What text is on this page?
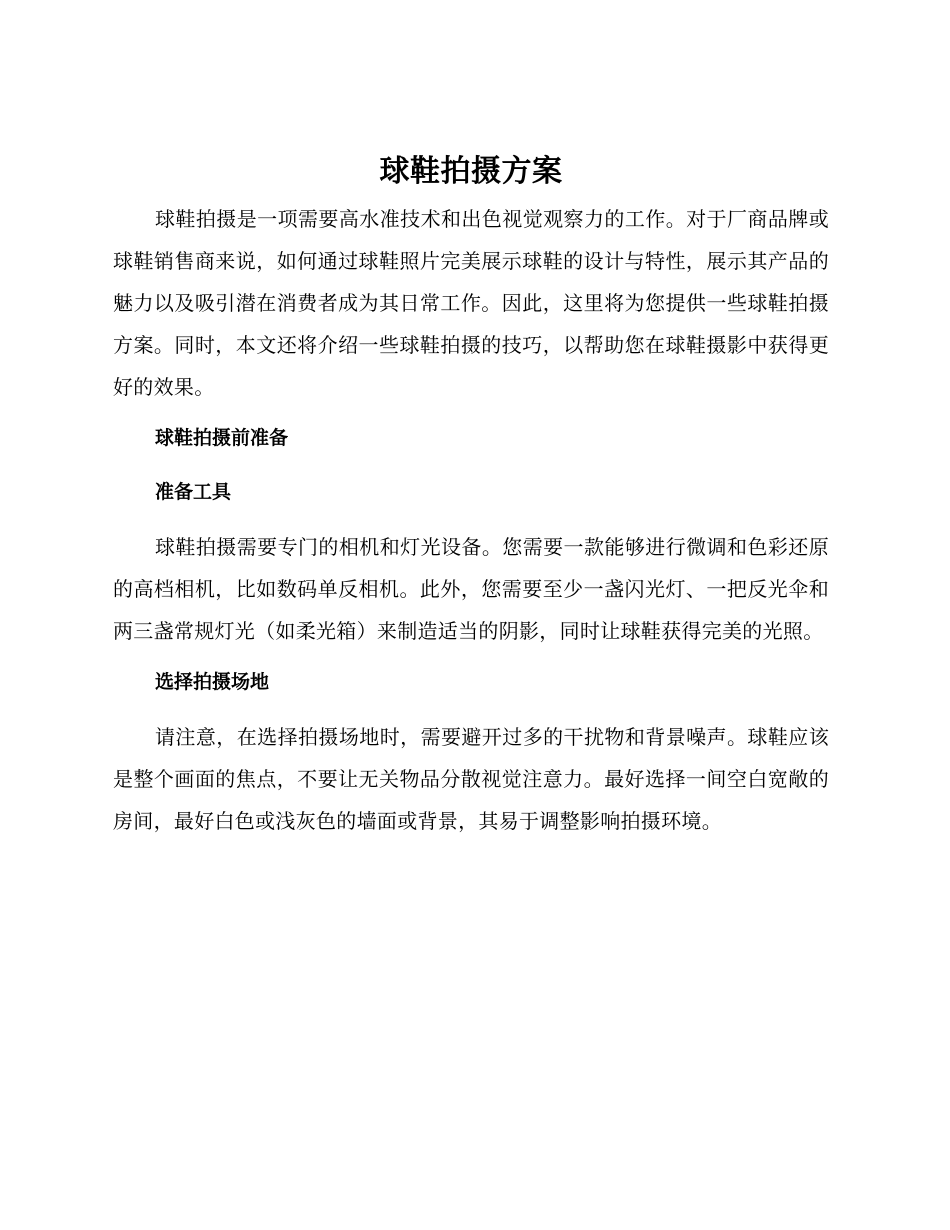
球鞋拍摄方案

球鞋拍摄是一项需要高水准技术和出色视觉观察力的工作。对于厂商品牌或球鞋销售商来说，如何通过球鞋照片完美展示球鞋的设计与特性，展示其产品的魅力以及吸引潜在消费者成为其日常工作。因此，这里将为您提供一些球鞋拍摄方案。同时，本文还将介绍一些球鞋拍摄的技巧，以帮助您在球鞋摄影中获得更好的效果。

球鞋拍摄前准备
准备工具

球鞋拍摄需要专门的相机和灯光设备。您需要一款能够进行微调和色彩还原的高档相机，比如数码单反相机。此外，您需要至少一盏闪光灯、一把反光伞和两三盏常规灯光（如柔光箱）来制造适当的阴影，同时让球鞋获得完美的光照。

选择拍摄场地

请注意，在选择拍摄场地时，需要避开过多的干扰物和背景噪声。球鞋应该是整个画面的焦点，不要让无关物品分散视觉注意力。最好选择一间空白宽敞的房间，最好白色或浅灰色的墙面或背景，其易于调整影响拍摄环境。
